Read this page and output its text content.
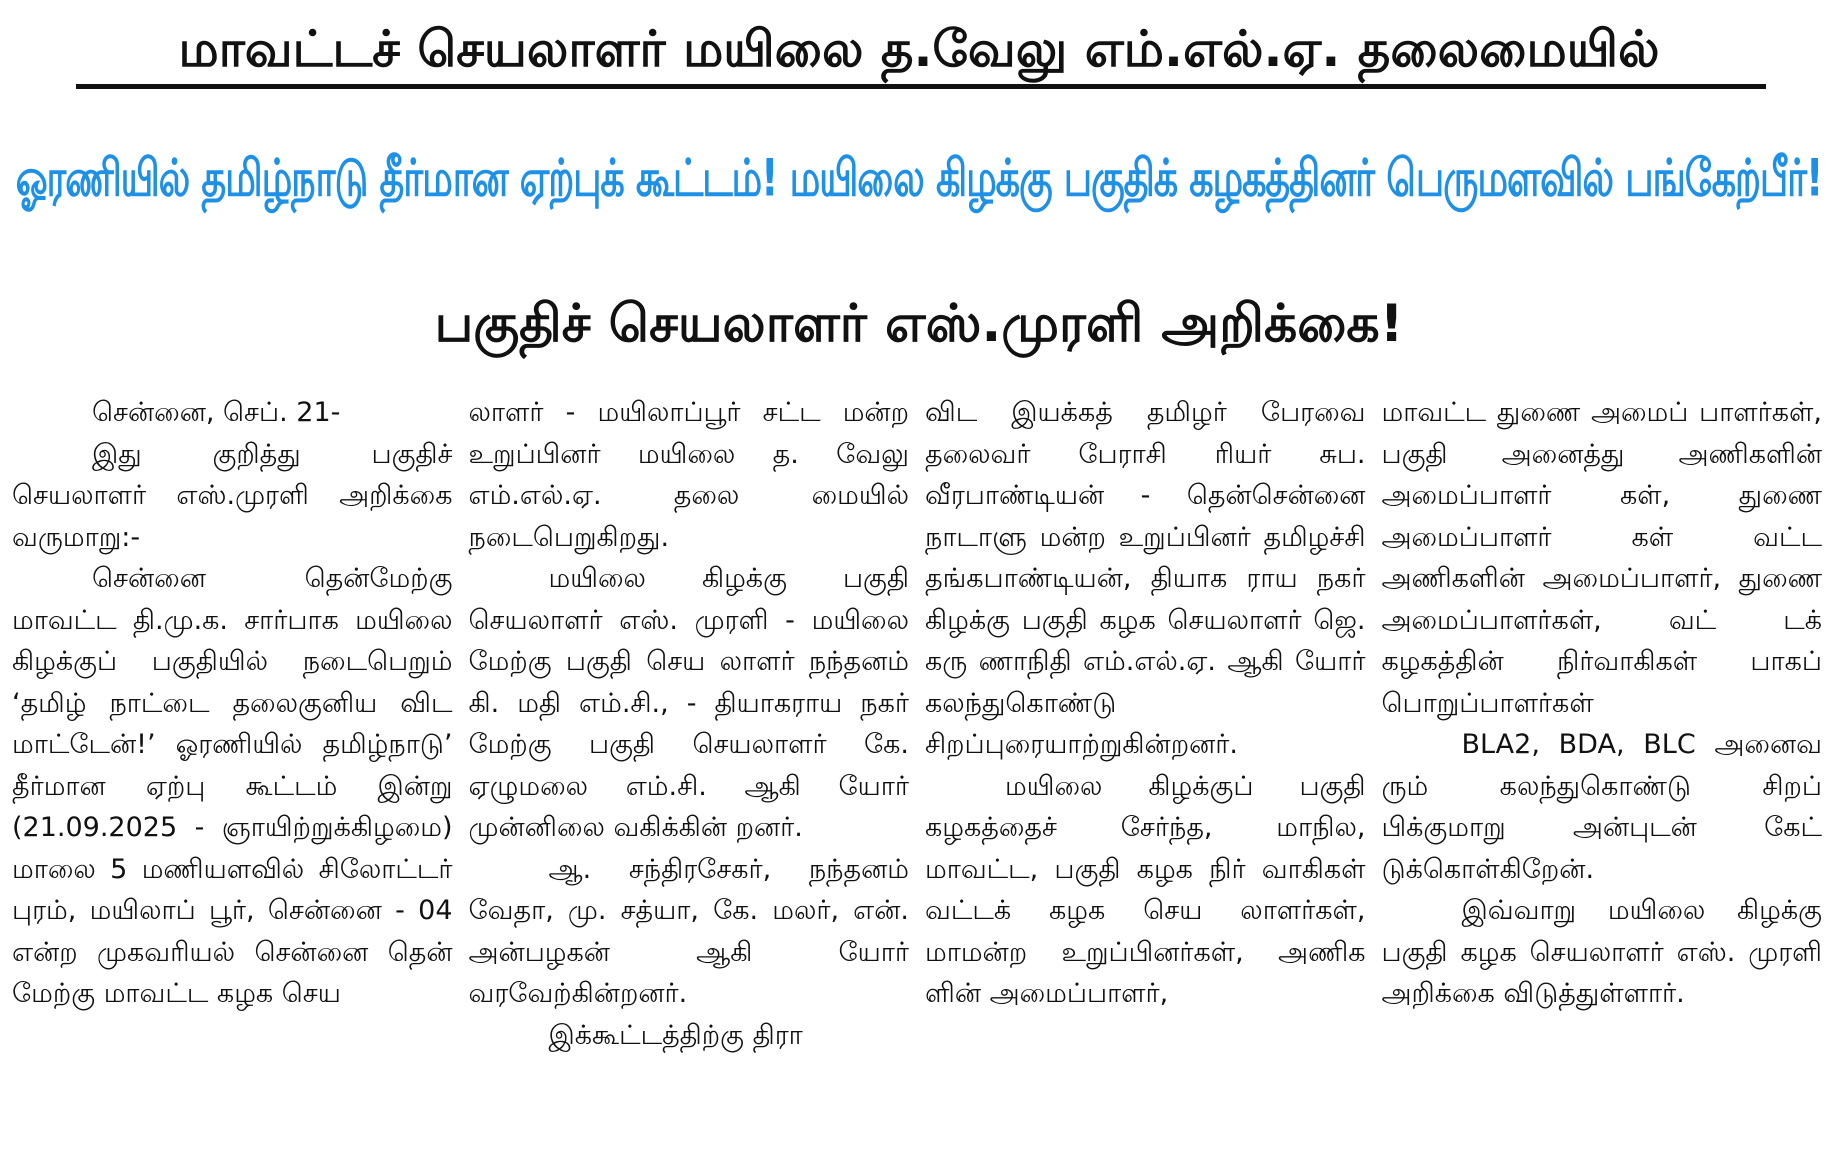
மாவட்டச் செயலாளர் மயிலை த.வேலு எம்.எல்.ஏ. தலைமையில்
ஓரணியில் தமிழ்நாடு தீர்மான ஏற்புக் கூட்டம்! மயிலை கிழக்கு பகுதிக் கழகத்தினர் பெருமளவில் பங்கேற்பீர்!
பகுதிச் செயலாளர் எஸ்.முரளி அறிக்கை!

சென்னை, செப். 21-

இது குறித்து பகுதிச் செயலாளர் எஸ்.முரளி அறிக்கை வருமாறு:-

சென்னை தென்மேற்கு மாவட்ட தி.மு.க. சார்பாக மயிலை கிழக்குப் பகுதியில் நடைபெறும் ‘தமிழ் நாட்டை தலைகுனிய விட மாட்டேன்!’ ஓரணியில் தமிழ்நாடு’ தீர்மான ஏற்பு கூட்டம் இன்று (21.09.2025 - ஞாயிற்றுக்கிழமை) மாலை 5 மணியளவில் சிலோட்டர் புரம், மயிலாப் பூர், சென்னை - 04 என்ற முகவரியல் சென்னை தென் மேற்கு மாவட்ட கழக செய

லாளர் - மயிலாப்பூர் சட்ட மன்ற உறுப்பினர் மயிலை த. வேலு எம்.எல்.ஏ. தலை மையில் நடைபெறுகிறது.

மயிலை கிழக்கு பகுதி செயலாளர் எஸ். முரளி - மயிலை மேற்கு பகுதி செய லாளர் நந்தனம் கி. மதி எம்.சி., - தியாகராய நகர் மேற்கு பகுதி செயலாளர் கே. ஏழுமலை எம்.சி. ஆகி யோர் முன்னிலை வகிக்கின் றனர்.

ஆ. சந்திரசேகர், நந்தனம் வேதா, மு. சத்யா, கே. மலர், என். அன்பழகன் ஆகி யோர் வரவேற்கின்றனர்.

இக்கூட்டத்திற்கு திரா

விட இயக்கத் தமிழர் பேரவை தலைவர் பேராசி ரியர் சுப. வீரபாண்டியன் - தென்சென்னை நாடாளு மன்ற உறுப்பினர் தமிழச்சி தங்கபாண்டியன், தியாக ராய நகர் கிழக்கு பகுதி கழக செயலாளர் ஜெ. கரு ணாநிதி எம்.எல்.ஏ. ஆகி யோர் கலந்துகொண்டு சிறப்புரையாற்றுகின்றனர்.

மயிலை கிழக்குப் பகுதி கழகத்தைச் சேர்ந்த, மாநில, மாவட்ட, பகுதி கழக நிர் வாகிகள் வட்டக் கழக செய லாளர்கள், மாமன்ற உறுப்பினர்கள், அணிக ளின் அமைப்பாளர்,

மாவட்ட துணை அமைப் பாளர்கள், பகுதி அனைத்து அணிகளின் அமைப்பாளர் கள், துணை அமைப்பாளர் கள் வட்ட அணிகளின் அமைப்பாளர், துணை அமைப்பாளர்கள், வட் டக் கழகத்தின் நிர்வாகிகள் பாகப் பொறுப்பாளர்கள்

BLA2, BDA, BLC அனைவ ரும் கலந்துகொண்டு சிறப் பிக்குமாறு அன்புடன் கேட் டுக்கொள்கிறேன்.

இவ்வாறு மயிலை கிழக்கு பகுதி கழக செயலாளர் எஸ். முரளி அறிக்கை விடுத்துள்ளார்.
